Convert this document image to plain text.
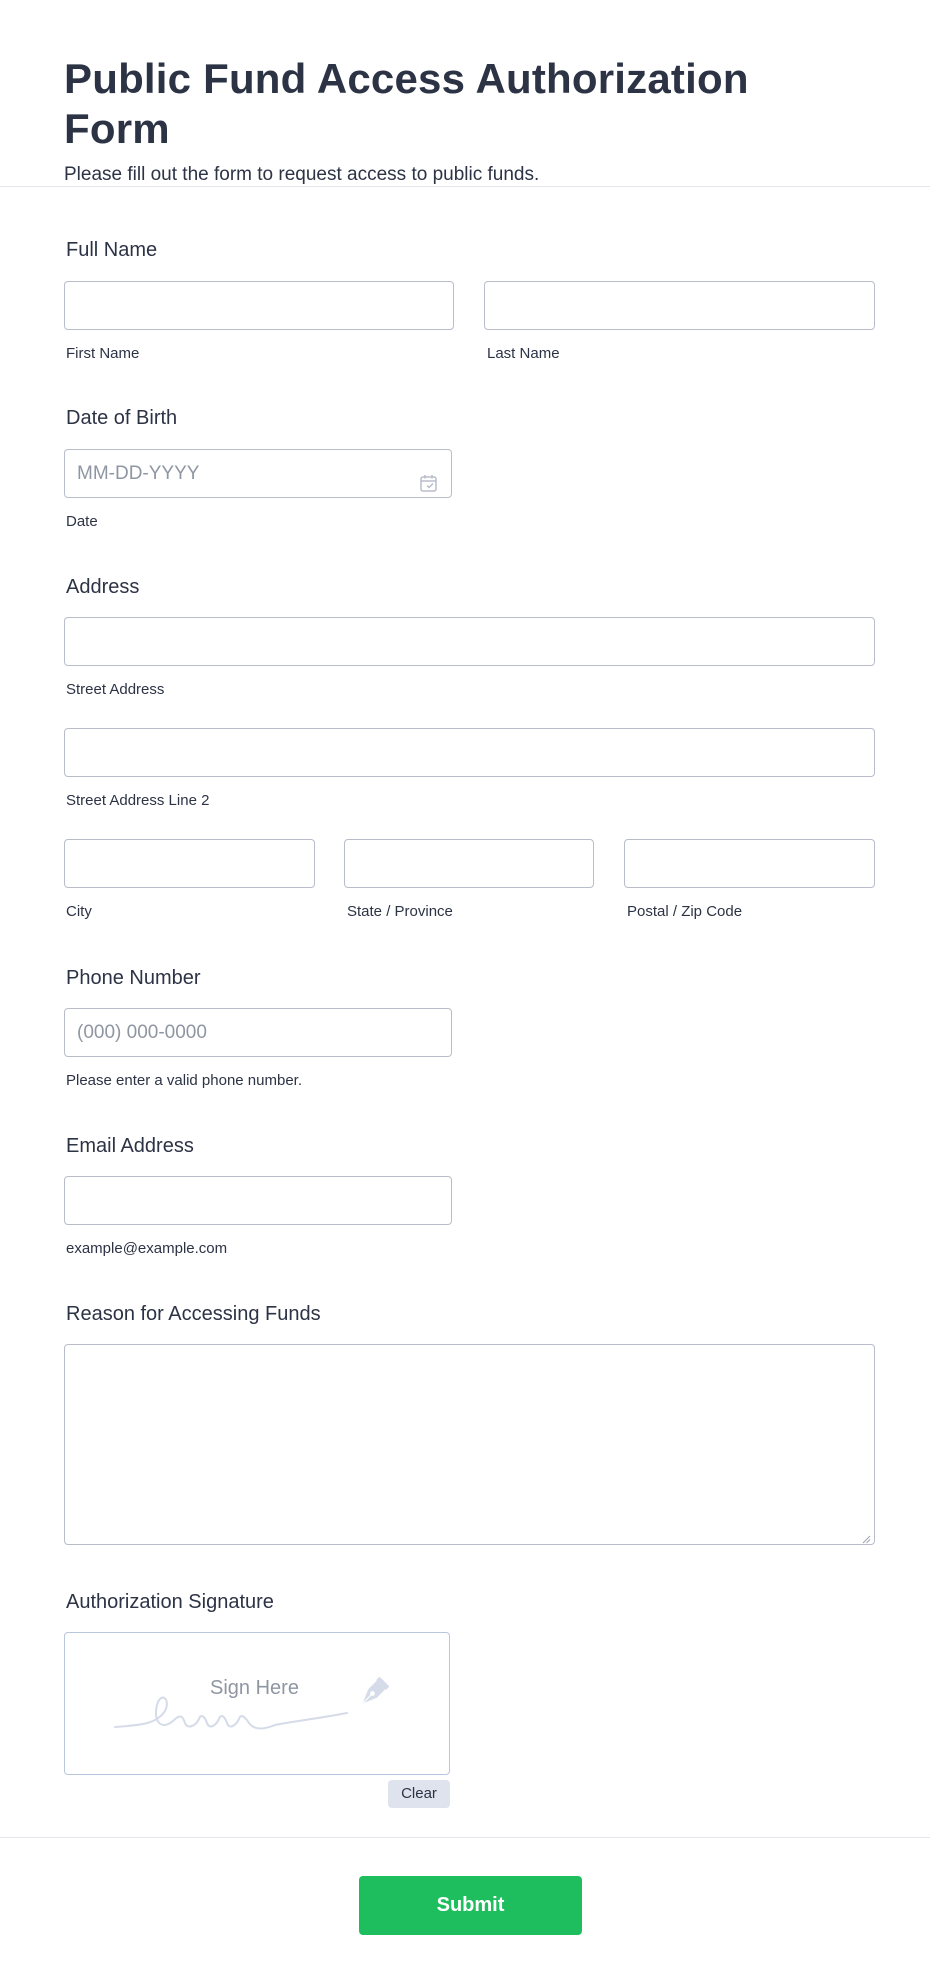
Public Fund Access Authorization Form

Please fill out the form to request access to public funds.

Full Name
First Name	Last Name
Date of Birth
MM-DD-YYYY
Date
Address
Street Address
Street Address Line 2
City	State / Province	Postal / Zip Code
Phone Number
(000) 000-0000
Please enter a valid phone number.
Email Address
example@example.com
Reason for Accessing Funds
Authorization Signature
Sign Here
Clear
Submit
